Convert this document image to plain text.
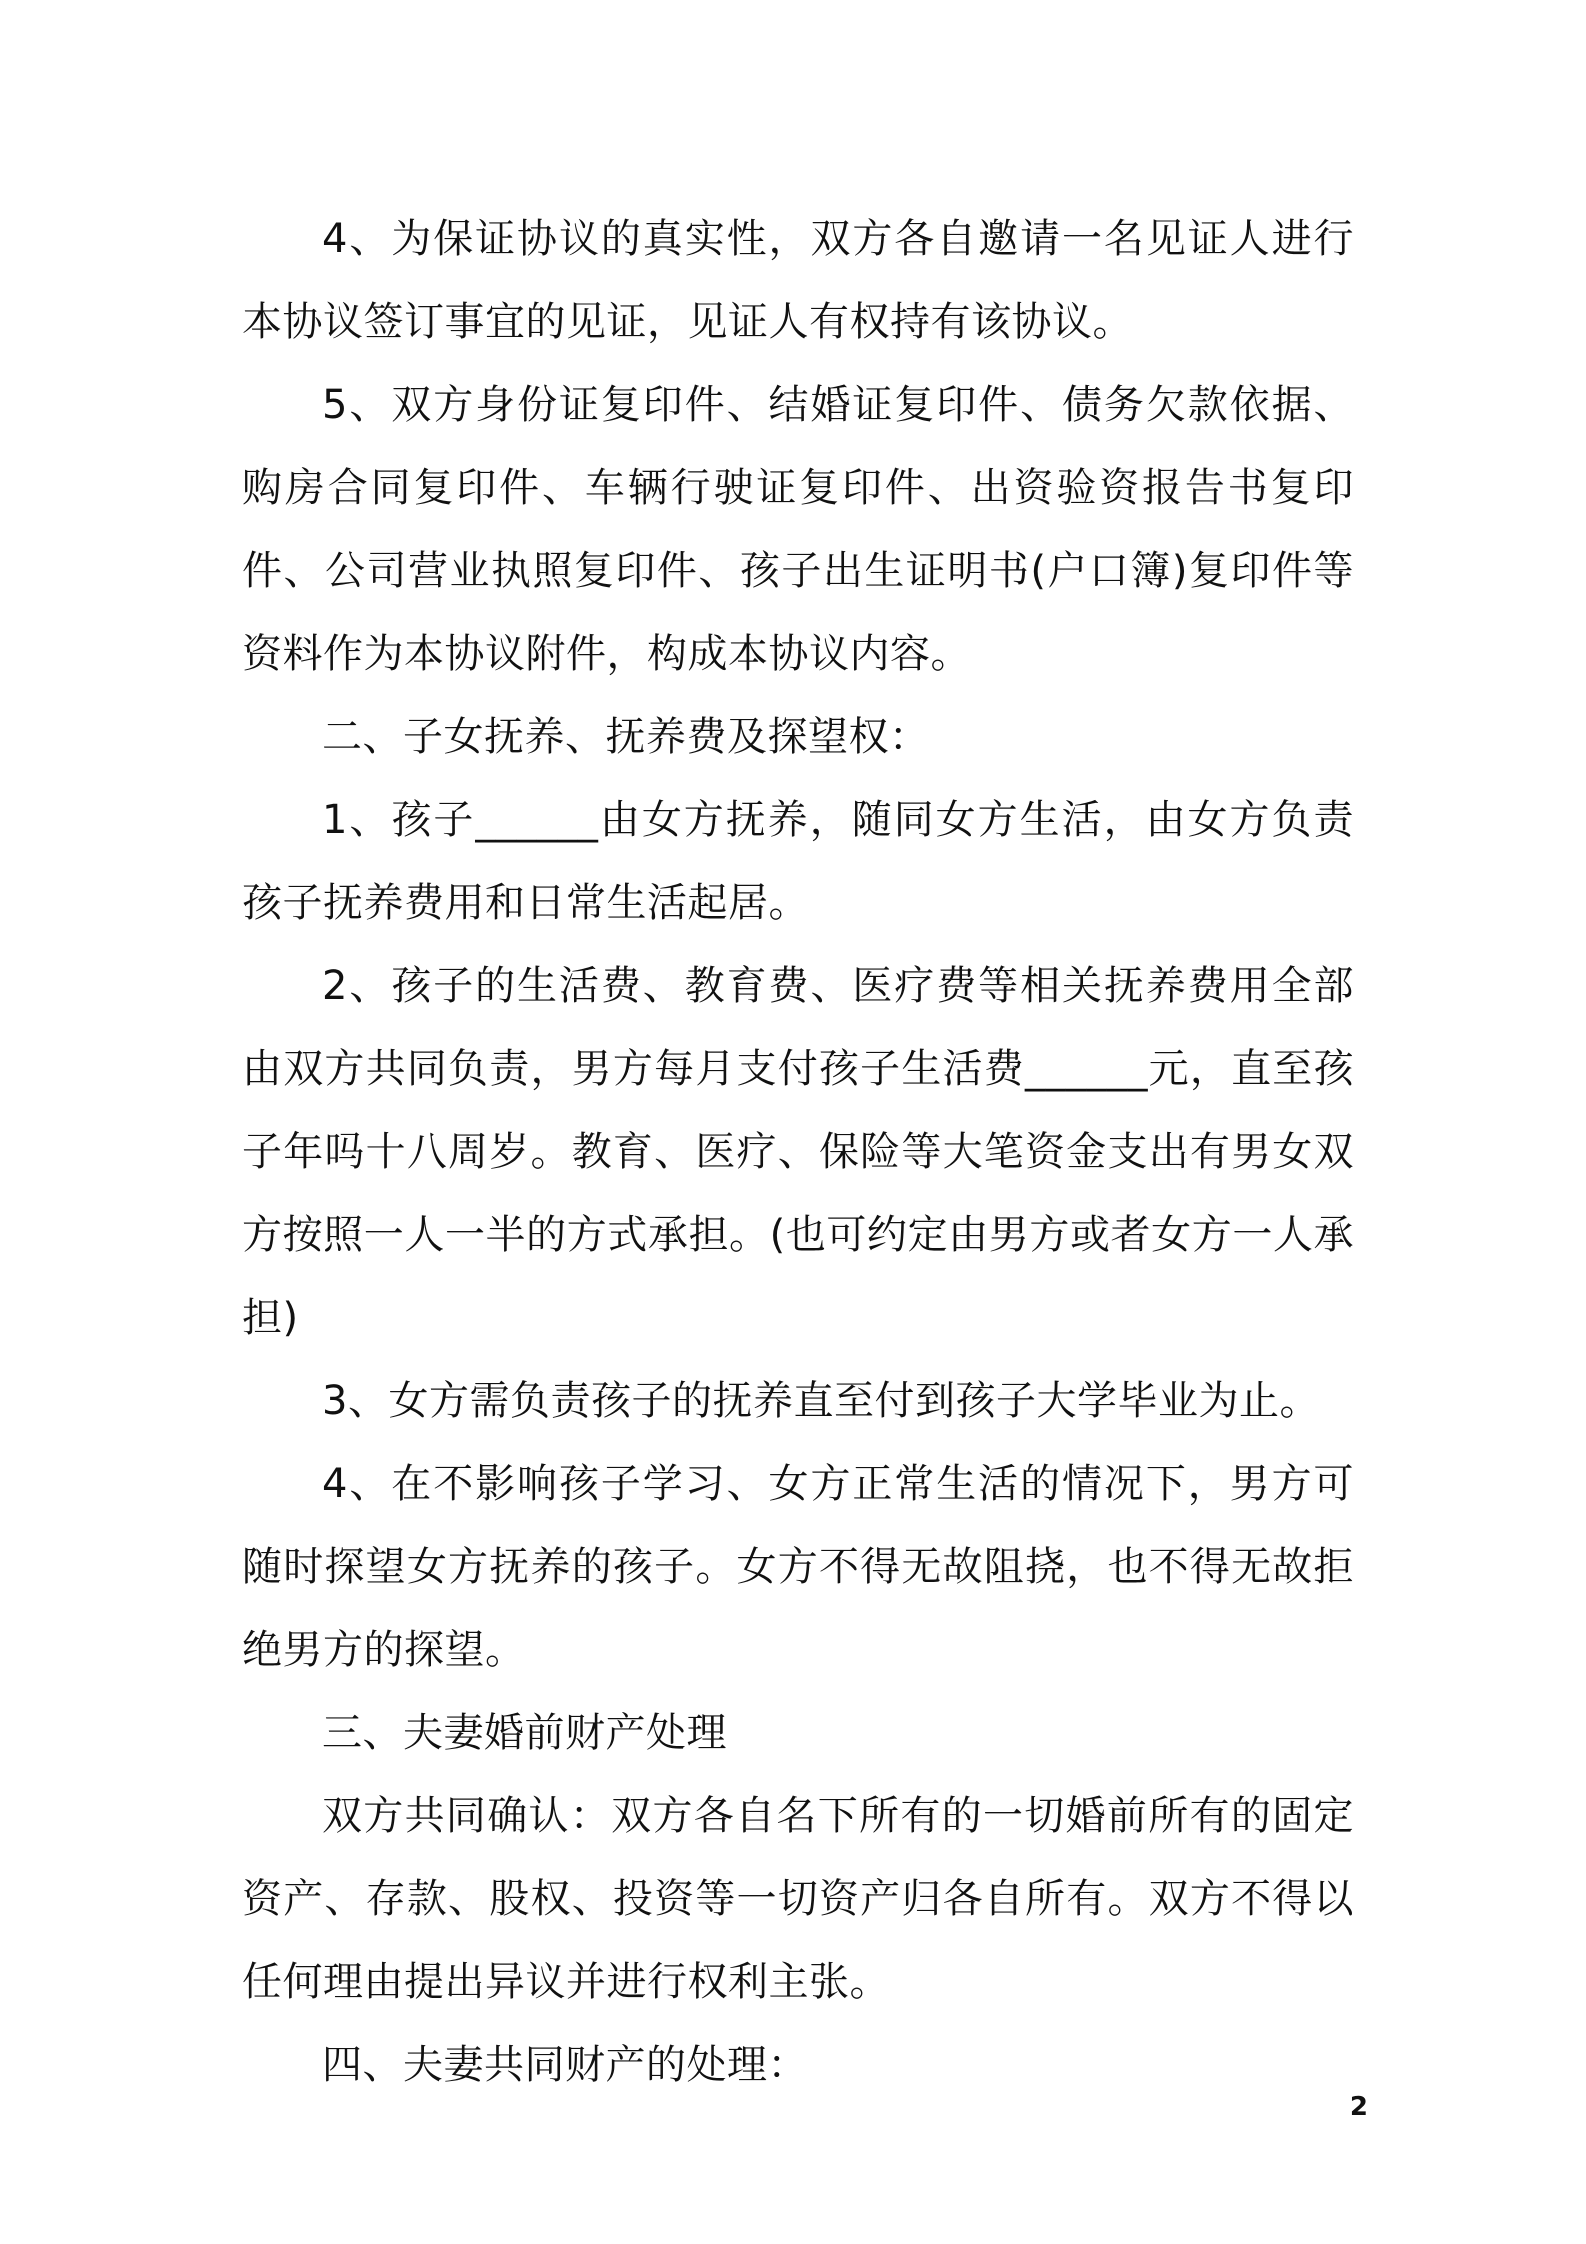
4、为保证协议的真实性，双方各自邀请一名见证人进行本协议签订事宜的见证，见证人有权持有该协议。

5、双方身份证复印件、结婚证复印件、债务欠款依据、购房合同复印件、车辆行驶证复印件、出资验资报告书复印件、公司营业执照复印件、孩子出生证明书(户口簿)复印件等资料作为本协议附件，构成本协议内容。

二、子女抚养、抚养费及探望权：

1、孩子______由女方抚养，随同女方生活，由女方负责孩子抚养费用和日常生活起居。

2、孩子的生活费、教育费、医疗费等相关抚养费用全部由双方共同负责，男方每月支付孩子生活费______元，直至孩子年吗十八周岁。教育、医疗、保险等大笔资金支出有男女双方按照一人一半的方式承担。(也可约定由男方或者女方一人承担)

3、女方需负责孩子的抚养直至付到孩子大学毕业为止。

4、在不影响孩子学习、女方正常生活的情况下，男方可随时探望女方抚养的孩子。女方不得无故阻挠，也不得无故拒绝男方的探望。

三、夫妻婚前财产处理

双方共同确认：双方各自名下所有的一切婚前所有的固定资产、存款、股权、投资等一切资产归各自所有。双方不得以任何理由提出异议并进行权利主张。

四、夫妻共同财产的处理：

2
